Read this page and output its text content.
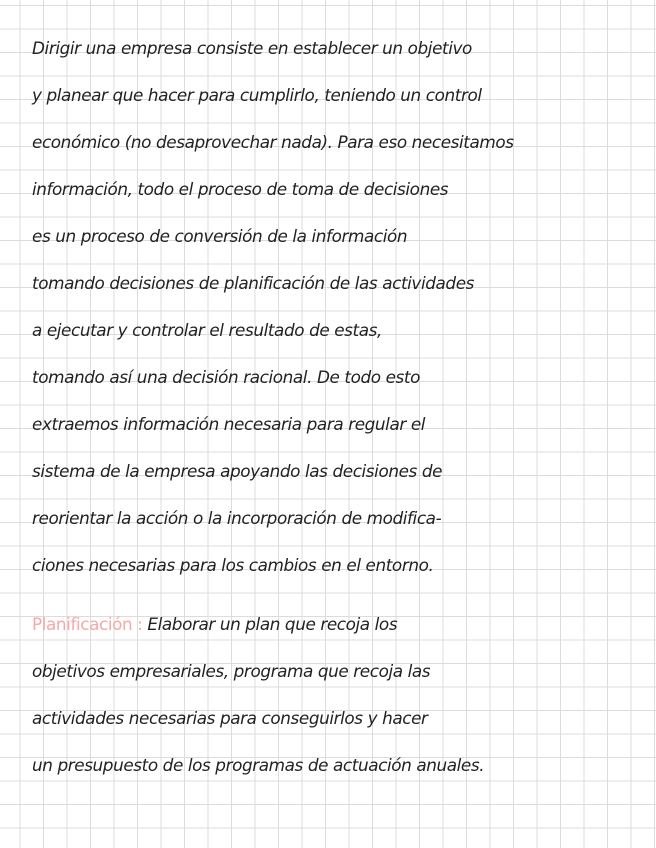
Dirigir una empresa consiste en establecer un objetivo
y planear que hacer para cumplirlo, teniendo un control
económico (no desaprovechar nada). Para eso necesitamos
información, todo el proceso de toma de decisiones
es un proceso de conversión de la información
tomando decisiones de planificación de las actividades
a ejecutar y controlar el resultado de estas,
tomando así una decisión racional. De todo esto
extraemos información necesaria para regular el
sistema de la empresa apoyando las decisiones de
reorientar la acción o la incorporación de modifica-
ciones necesarias para los cambios en el entorno.
Planificación : Elaborar un plan que recoja los
objetivos empresariales, programa que recoja las
actividades necesarias para conseguirlos y hacer
un presupuesto de los programas de actuación anuales.
